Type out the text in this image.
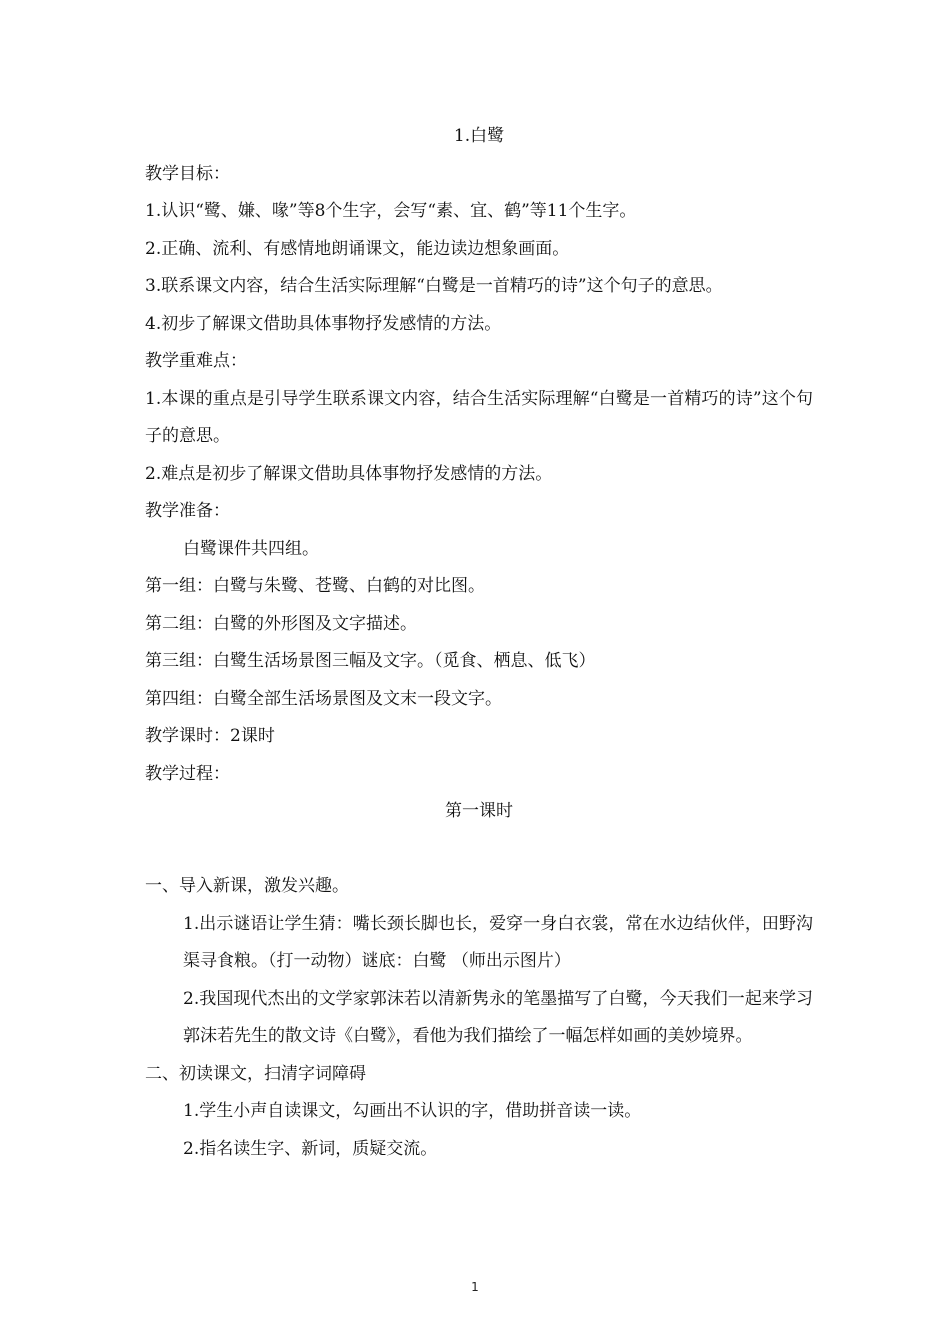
1.白鹭
教学目标：
1.认识“鹭、嫌、喙”等8个生字，会写“素、宜、鹤”等11个生字。
2.正确、流利、有感情地朗诵课文，能边读边想象画面。
3.联系课文内容，结合生活实际理解“白鹭是一首精巧的诗”这个句子的意思。
4.初步了解课文借助具体事物抒发感情的方法。
教学重难点：
1.本课的重点是引导学生联系课文内容，结合生活实际理解“白鹭是一首精巧的诗”这个句子的意思。
2.难点是初步了解课文借助具体事物抒发感情的方法。
教学准备：
白鹭课件共四组。
第一组：白鹭与朱鹭、苍鹭、白鹤的对比图。
第二组：白鹭的外形图及文字描述。
第三组：白鹭生活场景图三幅及文字。（觅食、栖息、低飞）
第四组：白鹭全部生活场景图及文末一段文字。
教学课时：2课时
教学过程：
第一课时
一、导入新课，激发兴趣。
1.出示谜语让学生猜：嘴长颈长脚也长，爱穿一身白衣裳，常在水边结伙伴，田野沟渠寻食粮。（打一动物）谜底：白鹭 （师出示图片）
2.我国现代杰出的文学家郭沫若以清新隽永的笔墨描写了白鹭，今天我们一起来学习郭沫若先生的散文诗《白鹭》，看他为我们描绘了一幅怎样如画的美妙境界。
二、初读课文，扫清字词障碍
1.学生小声自读课文，勾画出不认识的字，借助拼音读一读。
2.指名读生字、新词，质疑交流。
1
